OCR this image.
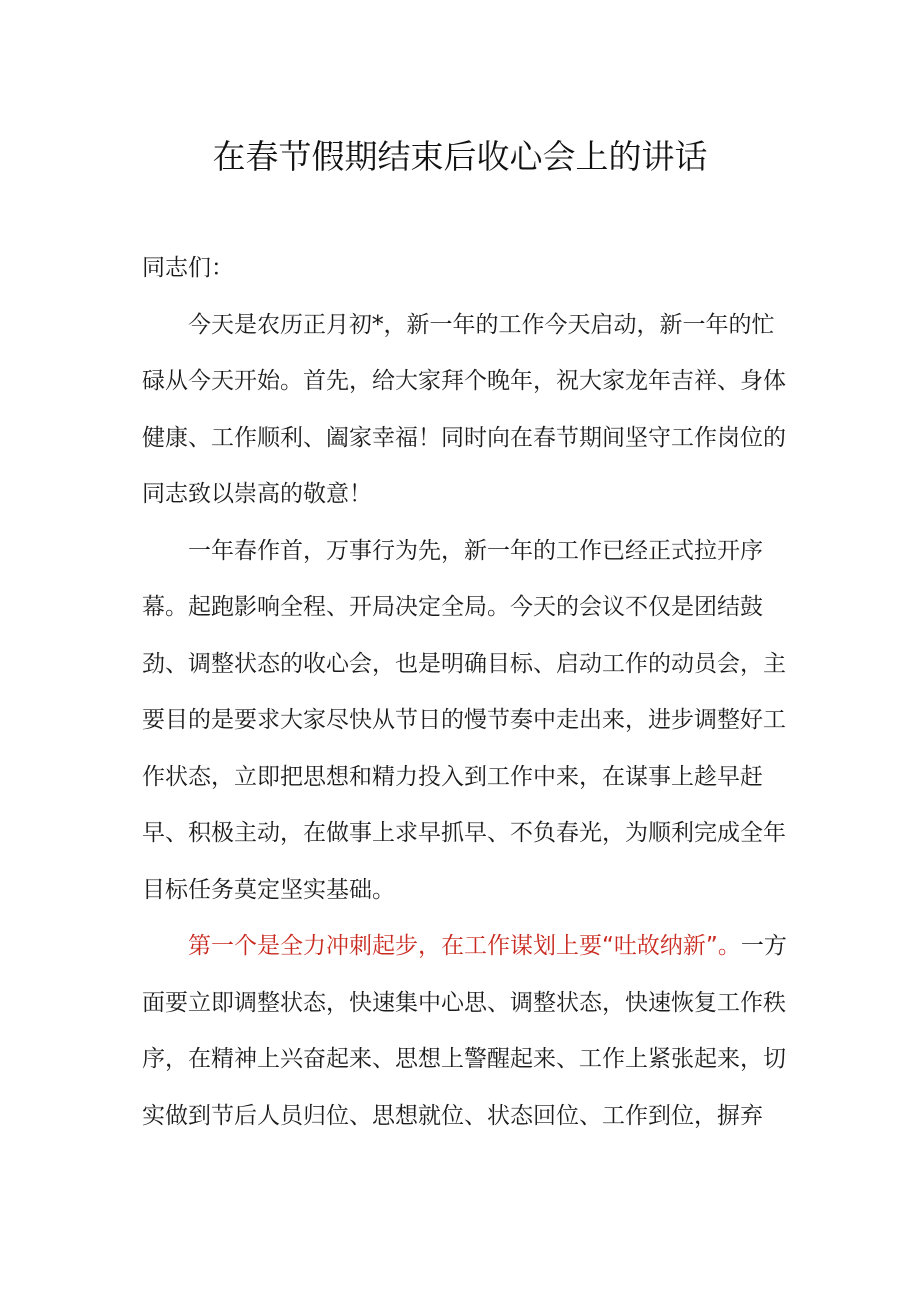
在春节假期结束后收心会上的讲话

同志们：

今天是农历正月初*，新一年的工作今天启动，新一年的忙碌从今天开始。首先，给大家拜个晚年，祝大家龙年吉祥、身体健康、工作顺利、阖家幸福！同时向在春节期间坚守工作岗位的同志致以崇高的敬意！

一年春作首，万事行为先，新一年的工作已经正式拉开序幕。起跑影响全程、开局决定全局。今天的会议不仅是团结鼓劲、调整状态的收心会，也是明确目标、启动工作的动员会，主要目的是要求大家尽快从节日的慢节奏中走出来，进步调整好工作状态，立即把思想和精力投入到工作中来，在谋事上趁早赶早、积极主动，在做事上求早抓早、不负春光，为顺利完成全年目标任务莫定坚实基础。

第一个是全力冲刺起步，在工作谋划上要“吐故纳新”。一方面要立即调整状态，快速集中心思、调整状态，快速恢复工作秩序，在精神上兴奋起来、思想上警醒起来、工作上紧张起来，切实做到节后人员归位、思想就位、状态回位、工作到位，摒弃
